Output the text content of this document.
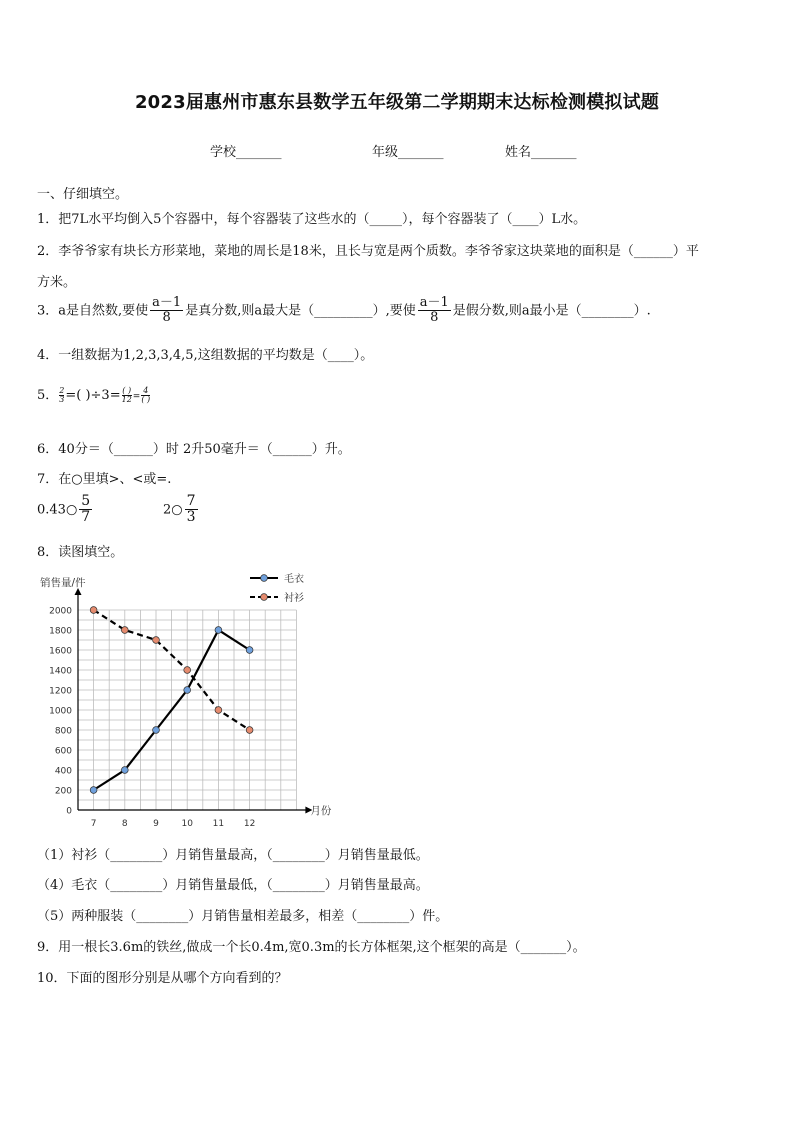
2023届惠州市惠东县数学五年级第二学期期末达标检测模拟试题
学校_______	年级_______	姓名_______
一、仔细填空。
1．把7L水平均倒入5个容器中，每个容器装了这些水的（_____），每个容器装了（____）L水。
2．李爷爷家有块长方形菜地，菜地的周长是18米，且长与宽是两个质数。李爷爷家这块菜地的面积是（______）平
方米。
3．a是自然数,要使 $\frac{a-1}{8}$ 是真分数,则a最大是（_________）,要使 $\frac{a-1}{8}$ 是假分数,则a最小是（________）.
4．一组数据为1,2,3,3,4,5,这组数据的平均数是（____）。
5． $\frac{2}{3}$ =( )$\div 3= \frac{( )}{12} = \frac{4}{( )}$
6．40分＝（______）时 2升50毫升＝（______）升。
7．在○里填>、<或=.
0.43○ $\frac{5}{7}$	2○ $\frac{7}{3}$
8．读图填空。
0
200
400
600
800
1000
1200
1400
1600
1800
2000
7	8	9	10 11 12
销售量/件
月份
毛衣
衬衫
（1）衬衫（________）月销售量最高，（________）月销售量最低。
（4）毛衣（________）月销售量最低，（________）月销售量最高。
（5）两种服装（________）月销售量相差最多，相差（________）件。
9．用一根长3.6m的铁丝,做成一个长0.4m,宽0.3m的长方体框架,这个框架的高是（_______）。
10．下面的图形分别是从哪个方向看到的？
